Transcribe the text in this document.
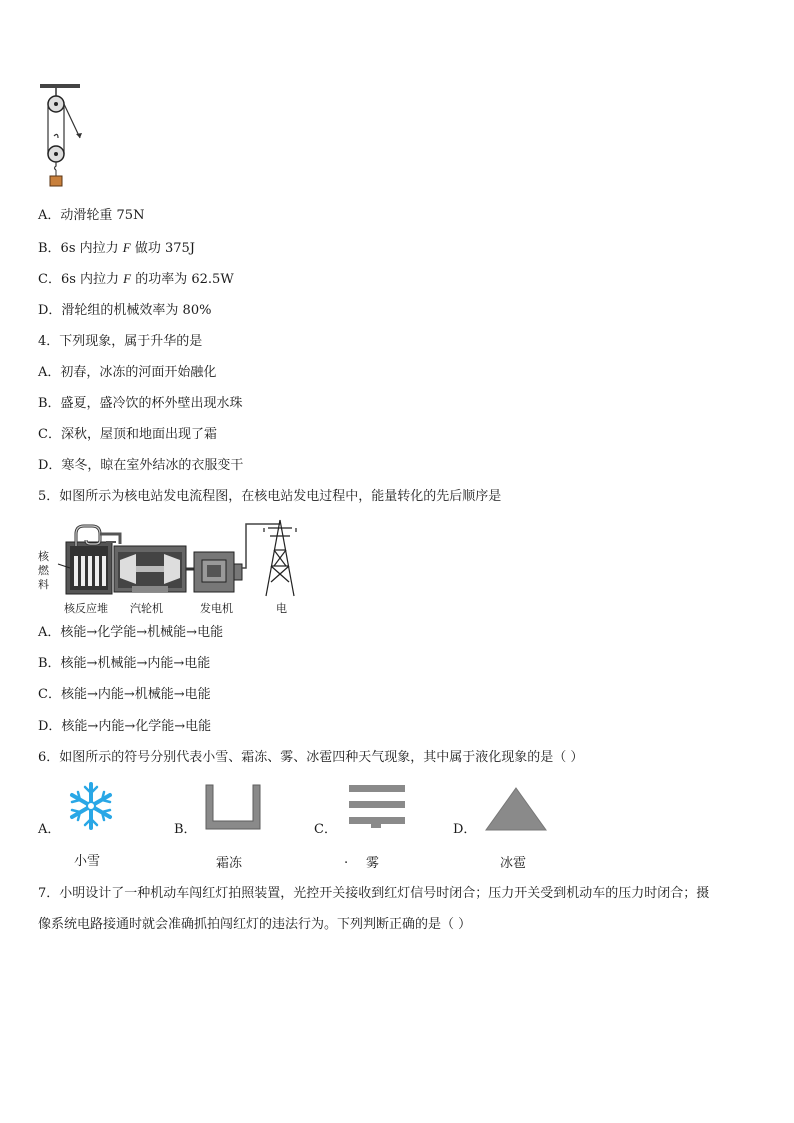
A．动滑轮重 75N
B．6s 内拉力 F 做功 375J
C．6s 内拉力 F 的功率为 62.5W
D．滑轮组的机械效率为 80%
4．下列现象，属于升华的是
A．初春，冰冻的河面开始融化
B．盛夏，盛冷饮的杯外壁出现水珠
C．深秋，屋顶和地面出现了霜
D．寒冬，晾在室外结冰的衣服变干
5．如图所示为核电站发电流程图，在核电站发电过程中，能量转化的先后顺序是
核
燃
料
核反应堆 汽轮机	发电机	电
A．核能→化学能→机械能→电能
B．核能→机械能→内能→电能
C．核能→内能→机械能→电能
D．核能→内能→化学能→电能
6．如图所示的符号分别代表小雪、霜冻、雾、冰雹四种天气现象，其中属于液化现象的是（ ）
A．
小雪
B．
霜冻
C．
. 雾
D．
冰雹
7．小明设计了一种机动车闯红灯拍照装置，光控开关接收到红灯信号时闭合；压力开关受到机动车的压力时闭合；摄
像系统电路接通时就会准确抓拍闯红灯的违法行为。下列判断正确的是（ ）
